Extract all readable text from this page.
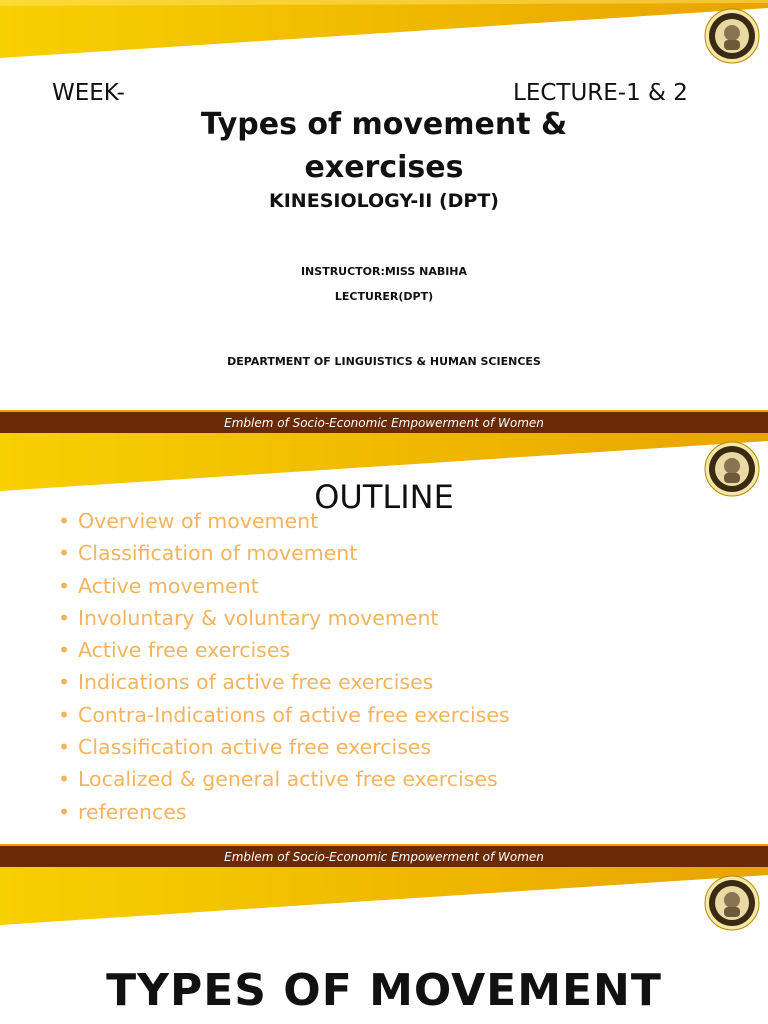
WEEK-	LECTURE-1 & 2
Types of movement &
exercises
KINESIOLOGY-II (DPT)
INSTRUCTOR:MISS NABIHA
LECTURER(DPT)
DEPARTMENT OF LINGUISTICS & HUMAN SCIENCES
Emblem of Socio-Economic Empowerment of Women
Emblem of Socio-Economic Empowerment of Women
OUTLINE
• Overview of movement
• Classification of movement
• Active movement
• Involuntary & voluntary movement
• Active free exercises
• Indications of active free exercises
• Contra-Indications of active free exercises
• Classification active free exercises
• Localized & general active free exercises
• references
TYPES OF MOVEMENT
